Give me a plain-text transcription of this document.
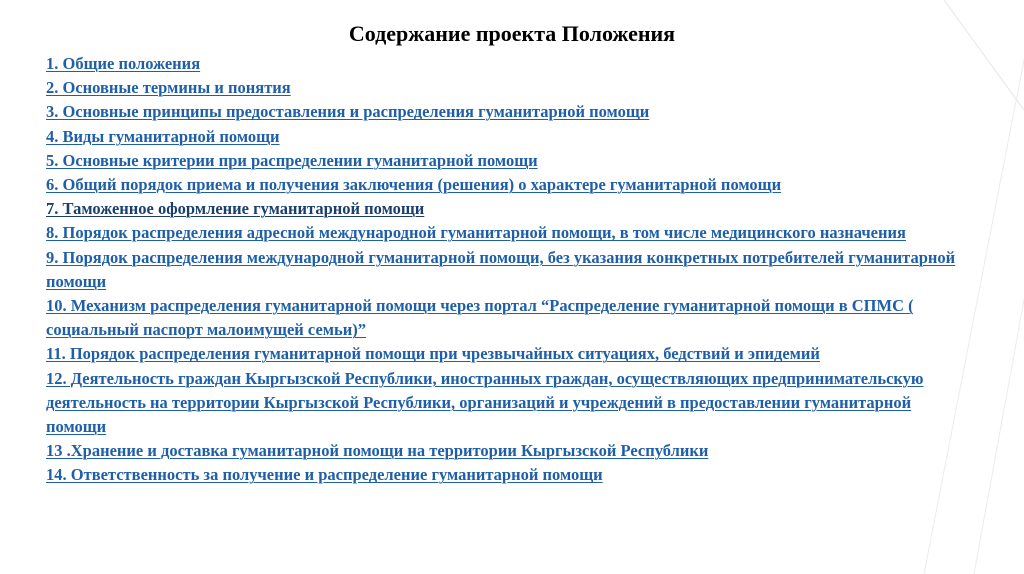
Содержание проекта Положения
1. Общие положения
2. Основные термины и понятия
3. Основные принципы предоставления и распределения гуманитарной помощи
4. Виды гуманитарной помощи
5. Основные критерии при распределении гуманитарной помощи
6. Общий порядок приема и получения заключения (решения) о характере гуманитарной помощи
7. Таможенное оформление гуманитарной помощи
8. Порядок распределения адресной международной гуманитарной помощи, в том числе медицинского назначения
9. Порядок распределения международной гуманитарной помощи, без указания конкретных потребителей гуманитарной помощи
10. Механизм распределения гуманитарной помощи через портал “Распределение гуманитарной помощи в СПМС ( социальный паспорт малоимущей семьи)”
11. Порядок распределения гуманитарной помощи при чрезвычайных ситуациях, бедствий и эпидемий
12. Деятельность граждан Кыргызской Республики, иностранных граждан, осуществляющих предпринимательскую деятельность на территории Кыргызской Республики, организаций и учреждений в предоставлении гуманитарной помощи
13 .Хранение и доставка гуманитарной помощи на территории Кыргызской Республики
14. Ответственность за получение и распределение гуманитарной помощи
